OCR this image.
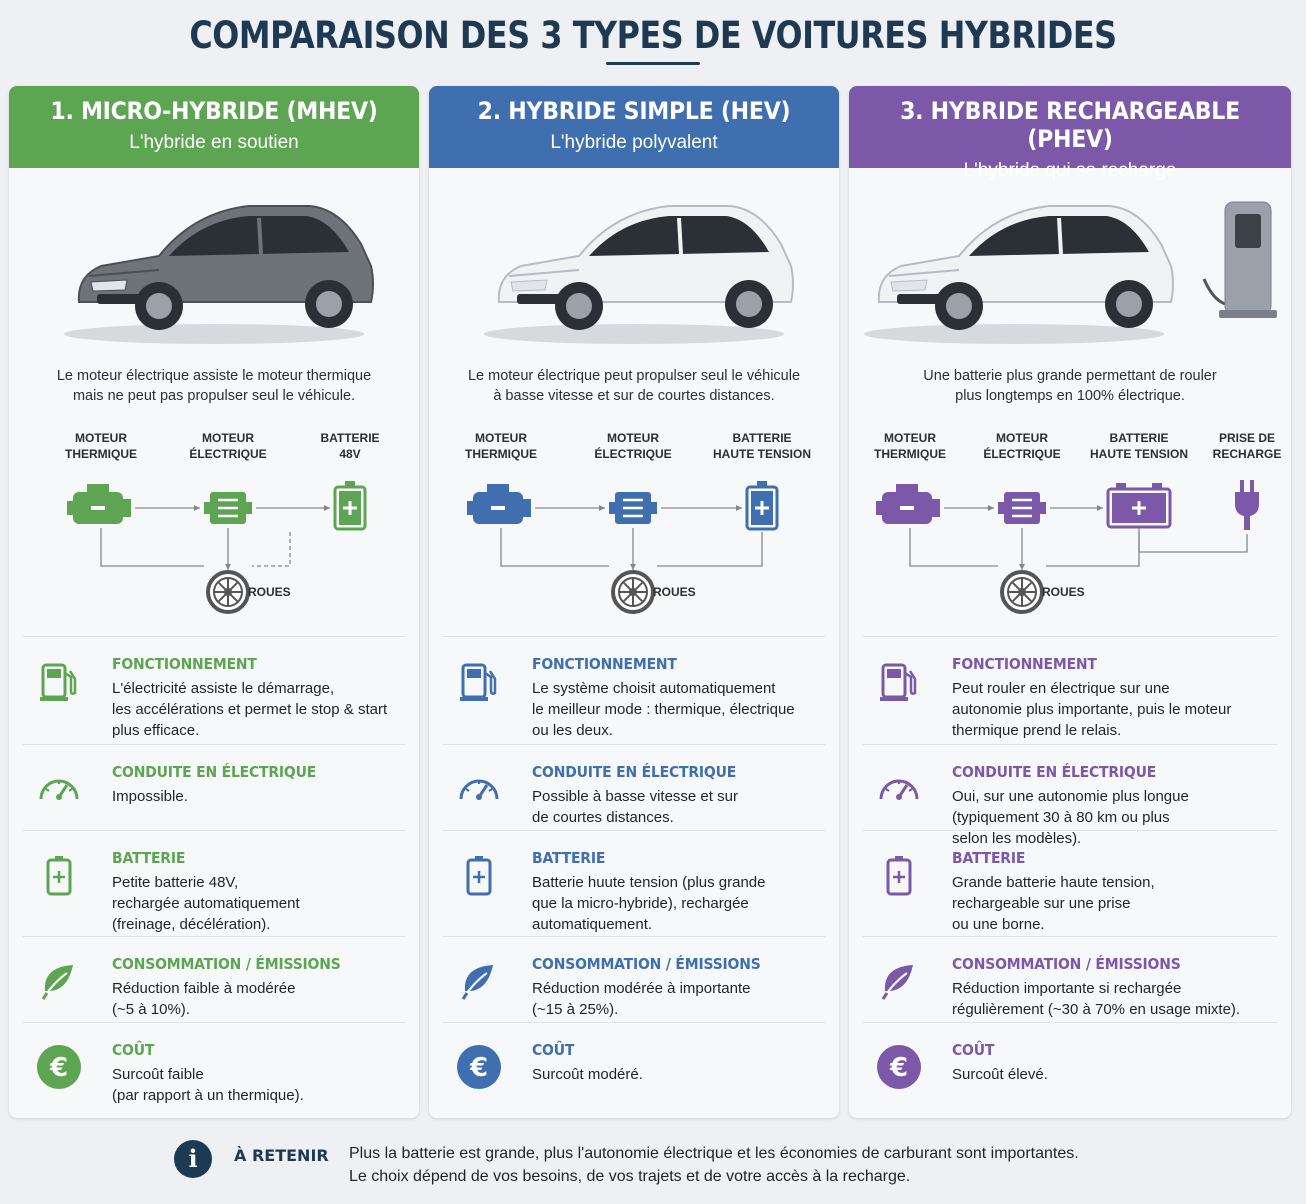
COMPARAISON DES 3 TYPES DE VOITURES HYBRIDES
1. MICRO-HYBRIDE (MHEV)
L'hybride en soutien
Le moteur électrique assiste le moteur thermique
mais ne peut pas propulser seul le véhicule.
MOTEUR
THERMIQUE
MOTEUR
ÉLECTRIQUE
BATTERIE
48V
ROUES
FONCTIONNEMENT
L'électricité assiste le démarrage,
les accélérations et permet le stop & start
plus efficace.
CONDUITE EN ÉLECTRIQUE
Impossible.
BATTERIE
Petite batterie 48V,
rechargée automatiquement
(freinage, décélération).
CONSOMMATION / ÉMISSIONS
Réduction faible à modérée
(~5 à 10%).
€
COÛT
Surcoût faible
(par rapport à un thermique).
2. HYBRIDE SIMPLE (HEV)
L'hybride polyvalent
Le moteur électrique peut propulser seul le véhicule
à basse vitesse et sur de courtes distances.
MOTEUR
THERMIQUE
MOTEUR
ÉLECTRIQUE
BATTERIE
HAUTE TENSION
ROUES
FONCTIONNEMENT
Le système choisit automatiquement
le meilleur mode : thermique, électrique
ou les deux.
CONDUITE EN ÉLECTRIQUE
Possible à basse vitesse et sur
de courtes distances.
BATTERIE
Batterie huute tension (plus grande
que la micro-hybride), rechargée
automatiquement.
CONSOMMATION / ÉMISSIONS
Réduction modérée à importante
(~15 à 25%).
€
COÛT
Surcoût modéré.
3. HYBRIDE RECHARGEABLE (PHEV)
L'hybride qui se recharge
Une batterie plus grande permettant de rouler
plus longtemps en 100% électrique.
MOTEUR
THERMIQUE
MOTEUR
ÉLECTRIQUE
BATTERIE
HAUTE TENSION
PRISE DE
RECHARGE
ROUES
FONCTIONNEMENT
Peut rouler en électrique sur une
autonomie plus importante, puis le moteur
thermique prend le relais.
CONDUITE EN ÉLECTRIQUE
Oui, sur une autonomie plus longue
(typiquement 30 à 80 km ou plus
selon les modèles).
BATTERIE
Grande batterie haute tension,
rechargeable sur une prise
ou une borne.
CONSOMMATION / ÉMISSIONS
Réduction importante si rechargée
régulièrement (~30 à 70% en usage mixte).
€
COÛT
Surcoût élevé.
i	À RETENIR Plus la batterie est grande, plus l'autonomie électrique et les économies de carburant sont importantes.
Le choix dépend de vos besoins, de vos trajets et de votre accès à la recharge.
